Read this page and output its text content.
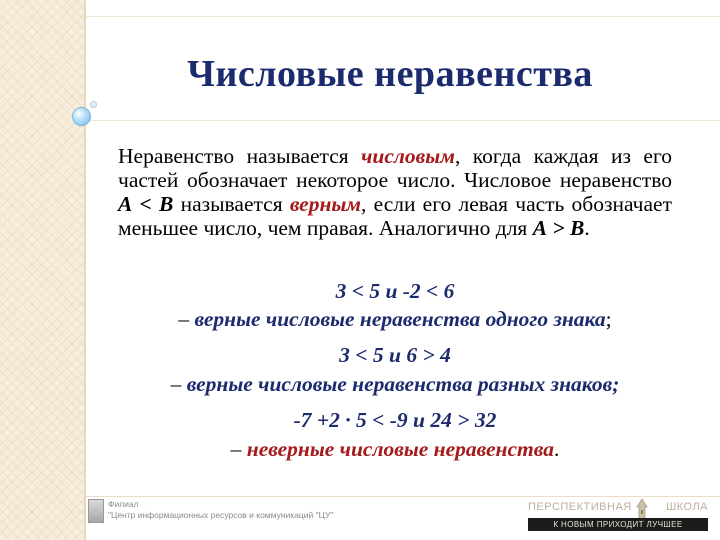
Числовые неравенства
Неравенство называется числовым, когда каждая из его частей обозначает некоторое число. Числовое неравенство А < В называется верным, если его левая часть обозначает меньшее число, чем правая. Аналогично для А > В.
3 < 5 и -2 < 6
– верные числовые неравенства одного знака;
3 < 5 и 6 > 4
– верные числовые неравенства разных знаков;
-7 +2 · 5 < -9 и 24 > 32
– неверные числовые неравенства.
Филиал
"Центр информационных ресурсов и коммуникаций "ЦУ"
ПЕРСПЕКТИВНАЯ	ШКОЛА
К НОВЫМ ПРИХОДИТ ЛУЧШЕЕ
